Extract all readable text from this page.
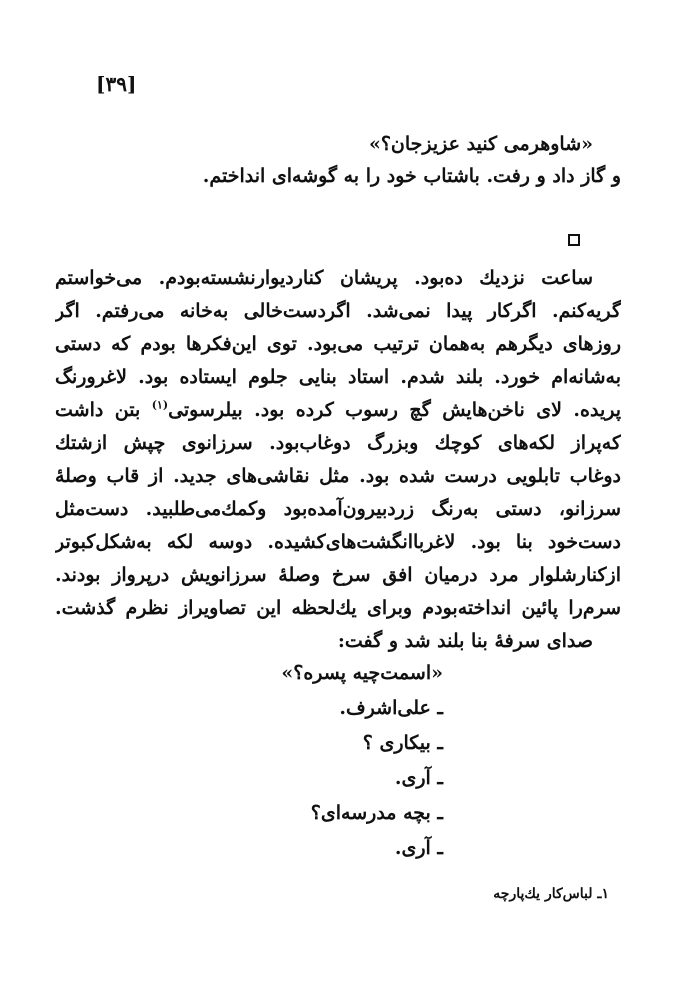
[۳۹]
«شاوهرمی کنید عزیزجان؟»
و گاز داد و رفت. باشتاب خود را به گوشه‌ای انداختم.
ساعت نزدیك ده‌بود. پریشان کناردیوارنشسته‌بودم. می‌خواستم
گریه‌کنم. اگرکار پیدا نمی‌شد. اگردست‌خالی به‌خانه می‌رفتم. اگر
روزهای دیگرهم به‌همان ترتیب می‌بود. توی این‌فکرها بودم که دستی
به‌شانه‌ام خورد. بلند شدم. استاد بنایی جلوم ایستاده بود. لاغرورنگ
پریده. لای ناخن‌هایش گچ رسوب کرده بود. بیلرسوتی$^{(۱)}$ بتن داشت
که‌پراز لکه‌های کوچك وبزرگ دوغاب‌بود. سرزانوی چپش ازشتك
دوغاب تابلویی درست شده بود. مثل نقاشی‌های جدید. از قاب وصلهٔ
سرزانو، دستی به‌رنگ زردبیرون‌آمده‌بود وکمك‌می‌طلبید. دست‌مثل
دست‌خود بنا بود. لاغربا‌انگشت‌های‌کشیده. دوسه لکه به‌شکل‌کبوتر
ازکنارشلوار مرد درمیان افق سرخ وصلهٔ سرزانویش درپرواز بودند.
سرم‌را پائین انداخته‌بودم وبرای یك‌لحظه این تصاویراز نظرم گذشت.
صدای سرفهٔ بنا بلند شد و گفت:
«اسمت‌چیه پسره؟»
ـ علی‌اشرف.
ـ بیکاری ؟
ـ آری.
ـ بچه مدرسه‌ای؟
ـ آری.
۱ـ لباس‌کار یك‌پارچه
